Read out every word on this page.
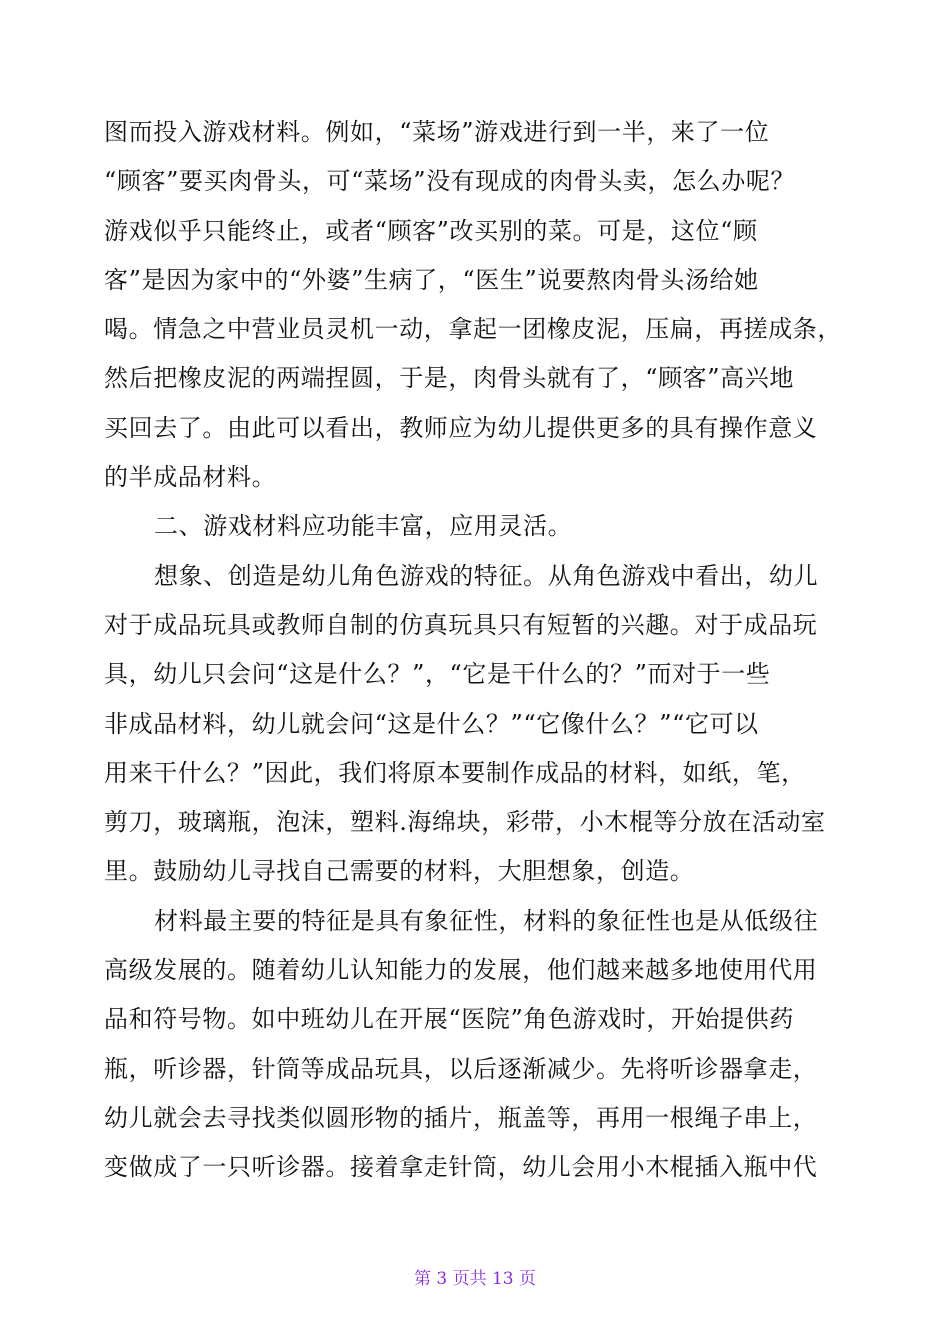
图而投入游戏材料。例如，“菜场”游戏进行到一半，来了一位
“顾客”要买肉骨头，可“菜场”没有现成的肉骨头卖，怎么办呢？
游戏似乎只能终止，或者“顾客”改买别的菜。可是，这位“顾
客”是因为家中的“外婆”生病了，“医生”说要熬肉骨头汤给她
喝。情急之中营业员灵机一动，拿起一团橡皮泥，压扁，再搓成条，
然后把橡皮泥的两端捏圆，于是，肉骨头就有了，“顾客”高兴地
买回去了。由此可以看出，教师应为幼儿提供更多的具有操作意义
的半成品材料。
二、游戏材料应功能丰富，应用灵活。
想象、创造是幼儿角色游戏的特征。从角色游戏中看出，幼儿
对于成品玩具或教师自制的仿真玩具只有短暂的兴趣。对于成品玩
具，幼儿只会问“这是什么？”，“它是干什么的？”而对于一些
非成品材料，幼儿就会问“这是什么？”“它像什么？”“它可以
用来干什么？”因此，我们将原本要制作成品的材料，如纸，笔，
剪刀，玻璃瓶，泡沫，塑料.海绵块，彩带，小木棍等分放在活动室
里。鼓励幼儿寻找自己需要的材料，大胆想象，创造。
材料最主要的特征是具有象征性，材料的象征性也是从低级往
高级发展的。随着幼儿认知能力的发展，他们越来越多地使用代用
品和符号物。如中班幼儿在开展“医院”角色游戏时，开始提供药
瓶，听诊器，针筒等成品玩具，以后逐渐减少。先将听诊器拿走，
幼儿就会去寻找类似圆形物的插片，瓶盖等，再用一根绳子串上，
变做成了一只听诊器。接着拿走针筒，幼儿会用小木棍插入瓶中代
第 3 页共 13 页
